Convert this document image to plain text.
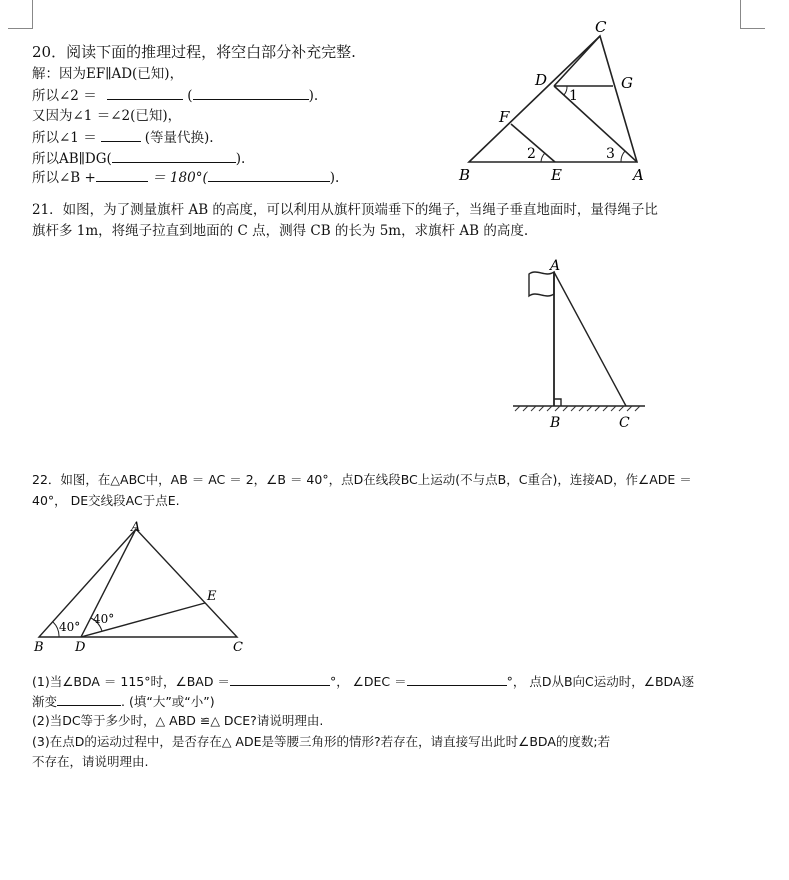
20．阅读下面的推理过程，将空白部分补充完整.
解：因为EF∥AD(已知)，
所以∠2 ＝	(	).
又因为∠1 ＝∠2(已知)，
所以∠1 ＝	(等量代换).
所以AB∥DG(	).
所以∠B +	＝ 180°(	).
C
G
D
F
B	E	A
1
2	3
21．如图，为了测量旗杆 AB 的高度，可以利用从旗杆顶端垂下的绳子，当绳子垂直地面时，量得绳子比
旗杆多 1m，将绳子拉直到地面的 C 点，测得 CB 的长为 5m，求旗杆 AB 的高度.
A
B	C
22．如图，在△ABC中，AB ＝ AC ＝ 2，∠B ＝ 40°，点D在线段BC上运动(不与点B，C重合)，连接AD，作∠ADE ＝
40°， DE交线段AC于点E.
A
B D	C
E
40°
40°
(1)当∠BDA ＝ 115°时，∠BAD ＝	°， ∠DEC ＝	°， 点D从B向C运动时，∠BDA逐
渐变	. (填“大”或“小”)
(2)当DC等于多少时，△ ABD ≌△ DCE?请说明理由.
(3)在点D的运动过程中，是否存在△ ADE是等腰三角形的情形?若存在，请直接写出此时∠BDA的度数;若
不存在，请说明理由.
